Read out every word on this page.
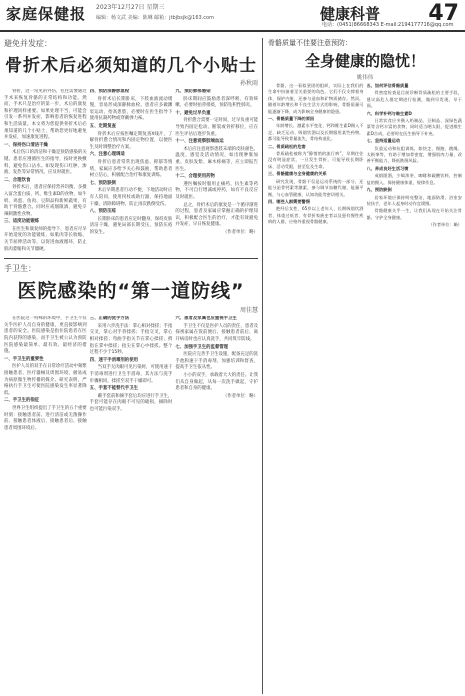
家庭保健报 2023年12月27日 星期三
编辑：杨文武 美编：陈琳 邮箱：jtbjbsjk@163.com	健康科普
电话：(0451)86668343 E-mail:2194177716@qq.com
47
避免并发症：
骨折术后必须知道的几个小贴士
孙秋雨

骨折，这一常见的外伤，往往需要通过手术来恢复骨骼的正常结构和功能。然而，手术只是治疗的第一步，术后的康复和护理同样重要。如果处理不当，可能会引发一系列并发症，影响患者的恢复进程和生活质量。本文将为您提供骨折术后必须知道的几个小贴士，帮助您更好地避免并发症，加速康复进程。

一、保持伤口清洁干燥

术后伤口的清洁和干燥是预防感染的关键。患者应遵循医生的指导，按时更换敷料，避免伤口沾水。如发现伤口红肿、渗液、发热等异常情况，应及时就医。

二、合理饮食

骨折术后，患者应保持营养均衡，多摄入富含蛋白质、钙、维生素D的食物，如牛奶、鸡蛋、鱼肉、豆制品和新鲜蔬果，有助于骨骼愈合。同时应戒烟限酒，避免辛辣刺激性食物。

三、适度功能锻炼

在医生和康复师的指导下，患者应尽早开始适度的功能锻炼，如肌肉等长收缩、关节屈伸活动等，以促进血液循环，防止肌肉萎缩和关节僵硬。

四、预防深静脉血栓

骨折术后长期卧床，下肢血液流动缓慢，容易形成深静脉血栓。患者应多做踝泵运动，抬高患肢，必要时在医生指导下使用抗凝药物或穿戴弹力袜。

五、定期复查

骨折术后应按医嘱定期复查X线片，了解骨折愈合情况和内固定物位置，以便医生及时调整治疗方案。

六、注意心理调适

骨折后患者常常出现焦虑、抑郁等情绪，家属应多给予关心和鼓励，帮助患者树立信心，积极配合治疗和康复训练。

七、预防跌倒

术后早期患者行动不便，下地活动时应有人陪同，使用拐杖或助行器，保持地面干燥，清除障碍物，防止再次跌倒受伤。

八、预防压疮

长期卧床的患者应定时翻身，保持皮肤清洁干燥，避免局部长期受压，预防压疮的发生。

九、预防肺部感染

卧床期间应鼓励患者深呼吸、有效咳嗽，必要时拍背排痰，预防坠积性肺炎。

十、避免过早负重

骨折愈合需要一定时间，过早负重可能导致内固定松动、断裂或骨折移位，应在医生评估后逐步负重。

十一、注意观察肢端血运

术后应注意观察患肢末端的皮肤颜色、温度、感觉及活动情况，如出现肿胀加重、皮肤发紫、麻木疼痛等，应立即报告医生。

十二、合理使用药物

遵医嘱按时服用止痛药、抗生素等药物，不可自行增减或停药，如有不良反应及时就医。

总之，骨折术后的康复是一个循序渐进的过程，患者及家属应掌握正确的护理知识，积极配合医生的治疗，才能有效避免并发症，早日恢复健康。

（作者单位：略）

手卫生：
医院感染的“第一道防线”
周佳慧

在医院这一特殊的环境中，手卫生不仅关乎医护人员自身的健康，更直接影响到患者的安全。医院感染是指住院患者在医院内获得的感染，而手卫生被公认为预防医院感染最简单、最有效、最经济的措施。

一、手卫生的重要性

医护人员的双手在日常诊疗活动中频繁接触患者、医疗器械及周围环境，极易成为病原微生物传播的媒介。研究表明，严格执行手卫生可使医院感染发生率显著降低。

二、手卫生的指征

世界卫生组织提出了手卫生的五个重要时刻：接触患者前、进行清洁或无菌操作前、接触患者体液后、接触患者后、接触患者周围环境后。

三、正确的洗手方法

采用六步洗手法：掌心相对揉搓；手指交叉，掌心对手背揉搓；手指交叉，掌心相对揉搓；弯曲手指关节在掌心揉搓；拇指在掌中揉搓；指尖在掌心中揉搓。整个过程不少于15秒。

四、速干手消毒剂的使用

当双手无肉眼可见污染时，可使用速干手消毒剂进行卫生手消毒，其方法与洗手步骤相同，揉搓至双手干燥即可。

五、手套不能替代手卫生

戴手套前和摘手套后均应进行手卫生，手套可能存在肉眼不可见的破损，摘除时也可能污染双手。

六、患者及家属也应重视手卫生

手卫生不仅是医护人员的责任，患者及探视家属在饭前便后、接触患者前后、离开病房时也应认真洗手，共同筑牢防线。

七、加强手卫生的监督管理

医院应完善手卫生设施，配备充足的洗手池和速干手消毒剂，加强培训和督查，提高手卫生依从性。

小小的双手，承载着大大的责任。让我们从自身做起，从每一次洗手做起，守护患者和自身的健康。

（作者单位：略）

骨骼质量不佳要注意预防：
全身健康的隐忧！
姚伟伟

骨骼，这一看似坚固的组织，实际上在我们的生命中扮演着至关重要的角色。它们不仅支撑着身体、保护内脏，还参与造血和矿物质储存。然而，随着年龄增长和不良生活方式的影响，骨骼质量可能逐渐下降，成为影响全身健康的隐患。

一、骨骼质量下降的原因

年龄增长、激素水平变化、钙和维生素D摄入不足、缺乏运动、吸烟饮酒以及长期服用某些药物，都可能导致骨量流失，骨结构退化。

二、骨质疏松的危害

骨质疏松被称为“静悄悄的流行病”，早期往往没有明显症状，一旦发生骨折，可能导致长期卧床、活动受限，甚至危及生命。

三、骨骼健康与全身健康的关系

研究发现，骨骼不仅是运动系统的一部分，还能分泌骨钙素等激素，参与调节血糖代谢、能量平衡，与心血管健康、认知功能等密切相关。

四、哪些人群需要警惕

绝经后女性、65岁以上老年人、长期吸烟饮酒者、体重过低者、有骨折家族史者以及患有慢性疾病的人群，应格外重视骨骼健康。

五、如何评估骨骼质量

骨密度检查是目前诊断骨质疏松的主要手段，建议高危人群定期进行检测，做到早发现、早干预。

六、科学补钙与维生素D

日常饮食应多摄入奶制品、豆制品、深绿色蔬菜等含钙丰富的食物，同时适当晒太阳，促进维生素D合成，必要时在医生指导下补充。

七、坚持适量运动

负重运动和抗阻训练，如快走、慢跑、跳绳、太极拳等，有助于增加骨密度，增强肌肉力量，改善平衡能力，降低跌倒风险。

八、养成良好生活习惯

戒烟限酒，少喝浓茶、咖啡和碳酸饮料，控制盐的摄入，保持健康体重，规律作息。

九、预防跌倒

居家环境应保持明亮整洁，地面防滑，浴室安装扶手，老年人起身时动作宜缓慢。

骨骼健康关乎一生，让我们从现在开始关注骨骼，守护全身健康。

（作者单位：略）
